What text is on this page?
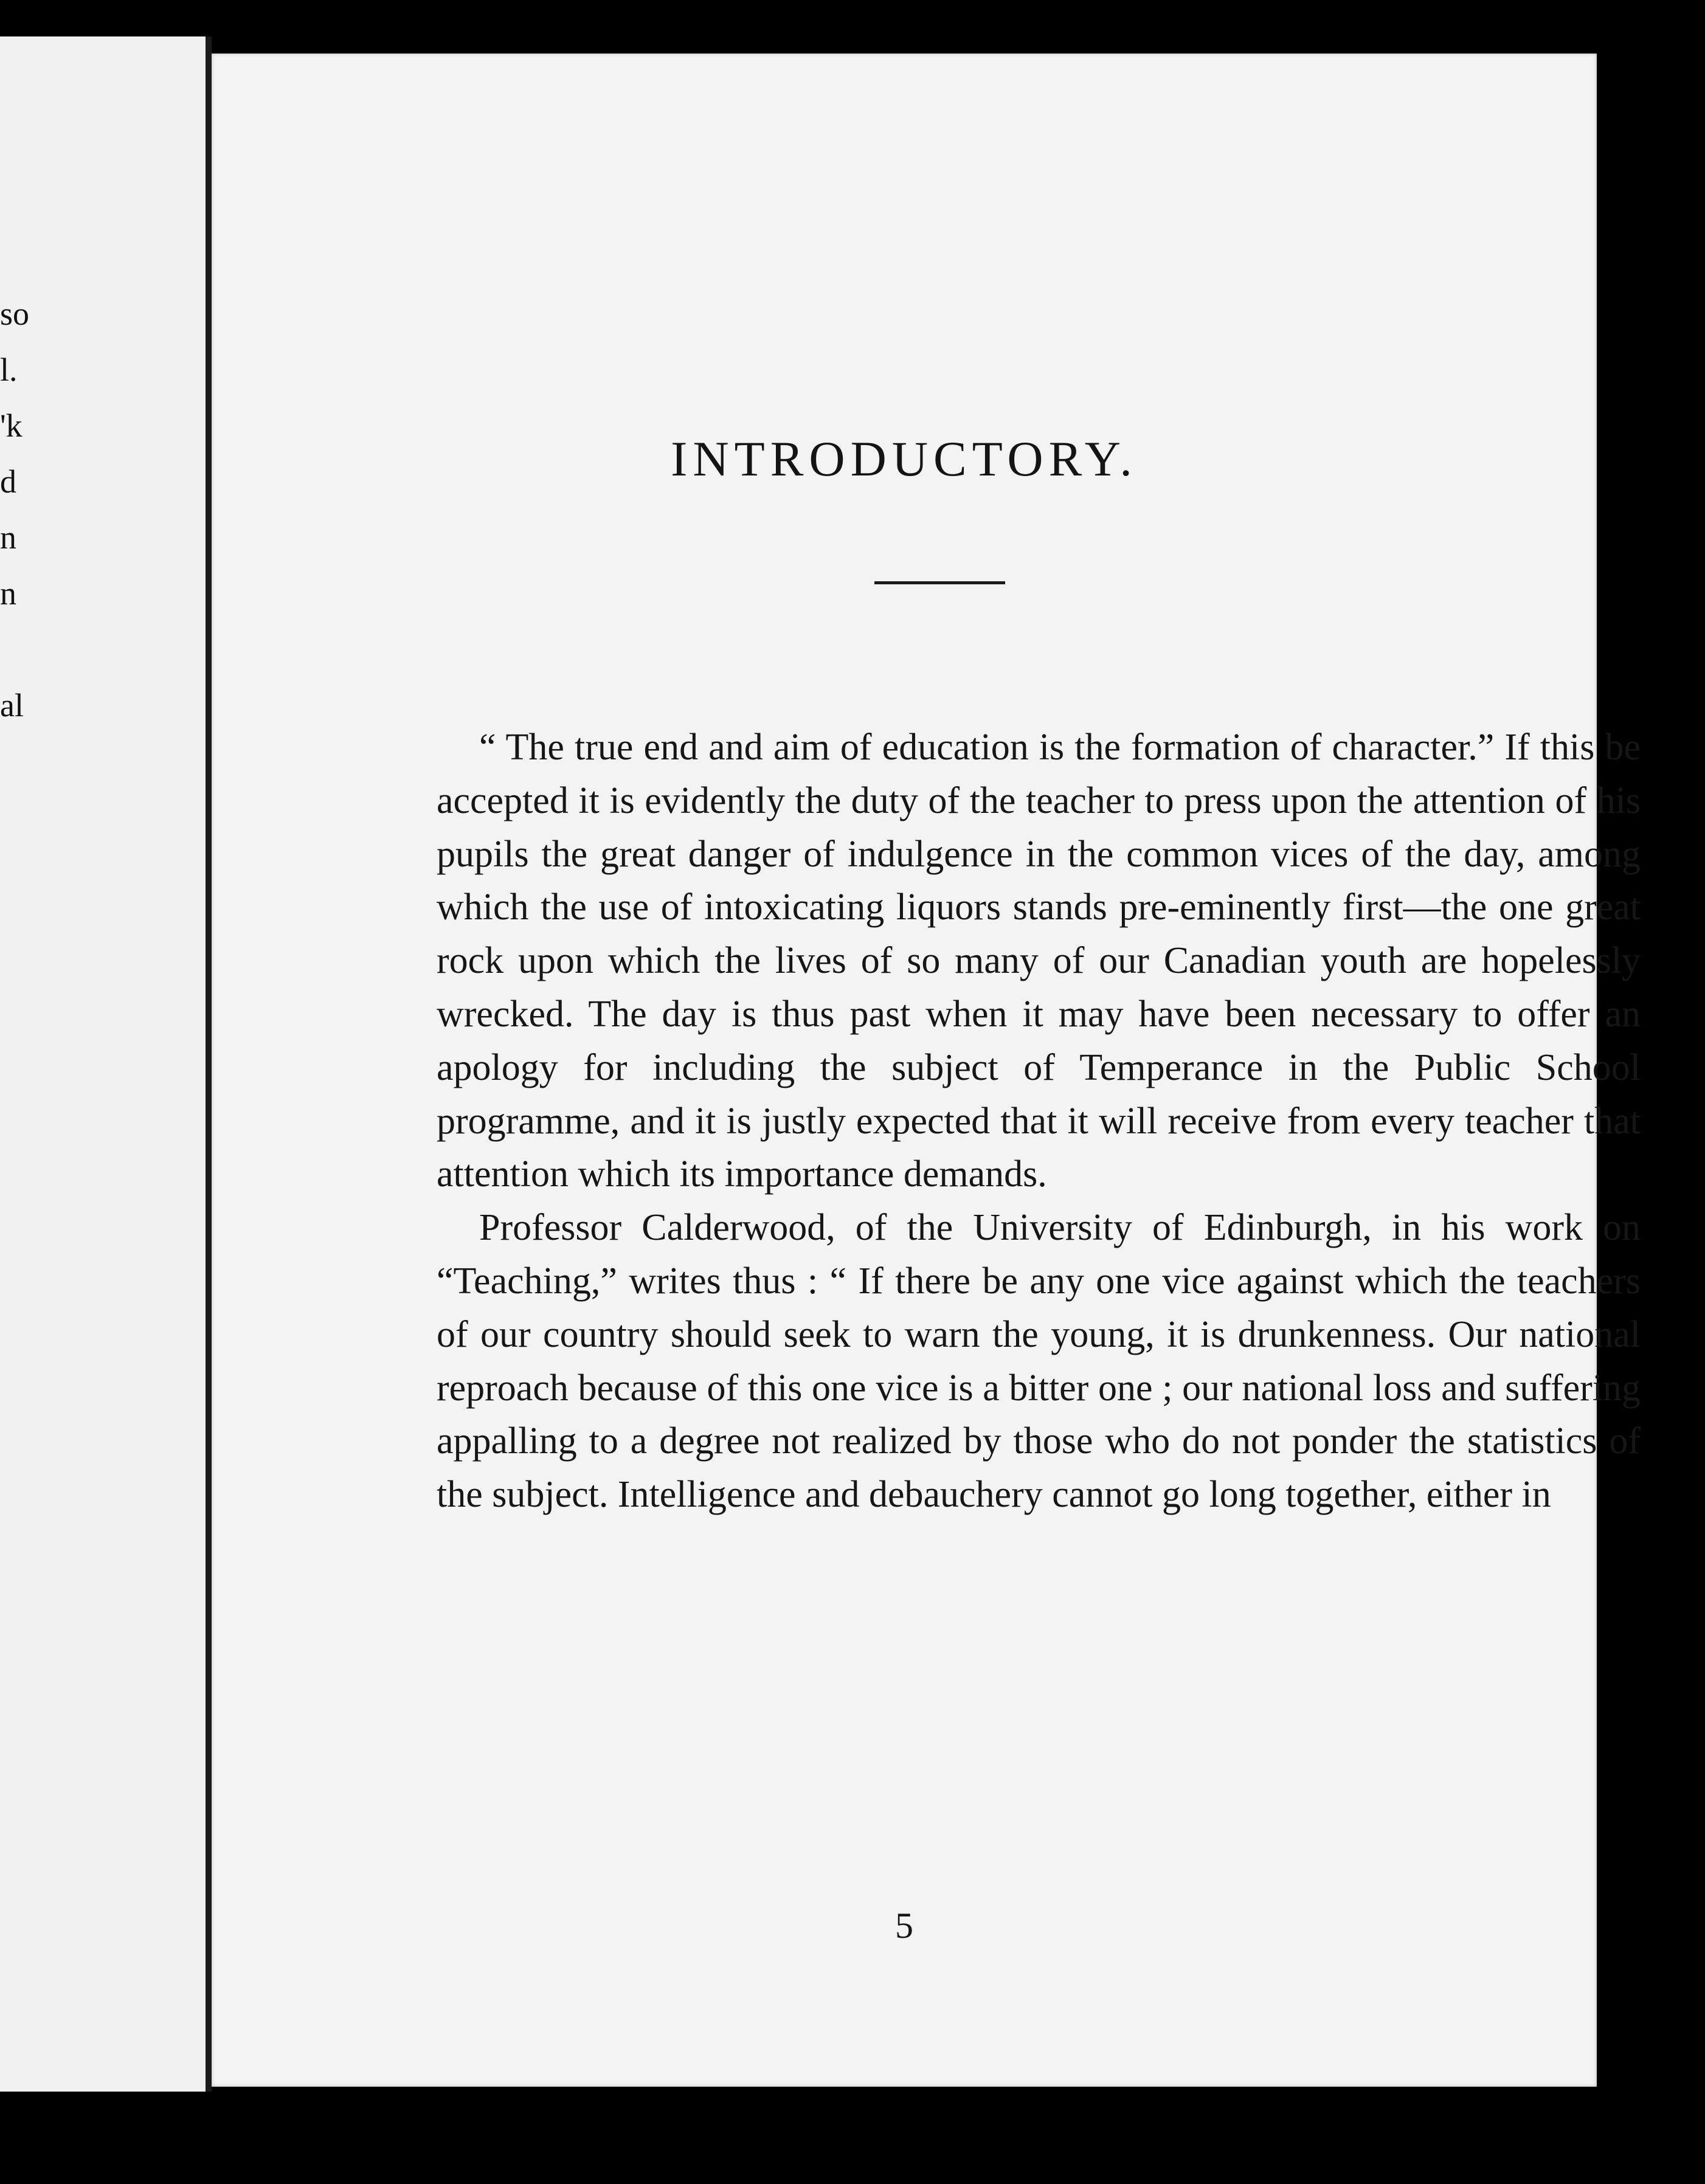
so
l.
'k
d
n
n
al
INTRODUCTORY.

“ The true end and aim of education is the formation of character.” If this be accepted it is evidently the duty of the teacher to press upon the attention of his pupils the great danger of indulgence in the common vices of the day, among which the use of intoxicating liquors stands pre-eminently first—the one great rock upon which the lives of so many of our Canadian youth are hopelessly wrecked. The day is thus past when it may have been necessary to offer an apology for including the subject of Temperance in the Public School programme, and it is justly expected that it will receive from every teacher that attention which its importance demands.

Professor Calderwood, of the University of Edinburgh, in his work on “Teaching,” writes thus : “ If there be any one vice against which the teachers of our country should seek to warn the young, it is drunkenness. Our national reproach because of this one vice is a bitter one ; our national loss and suffering appalling to a degree not realized by those who do not ponder the statistics of the subject. Intelligence and debauchery cannot go long together, either in

5
